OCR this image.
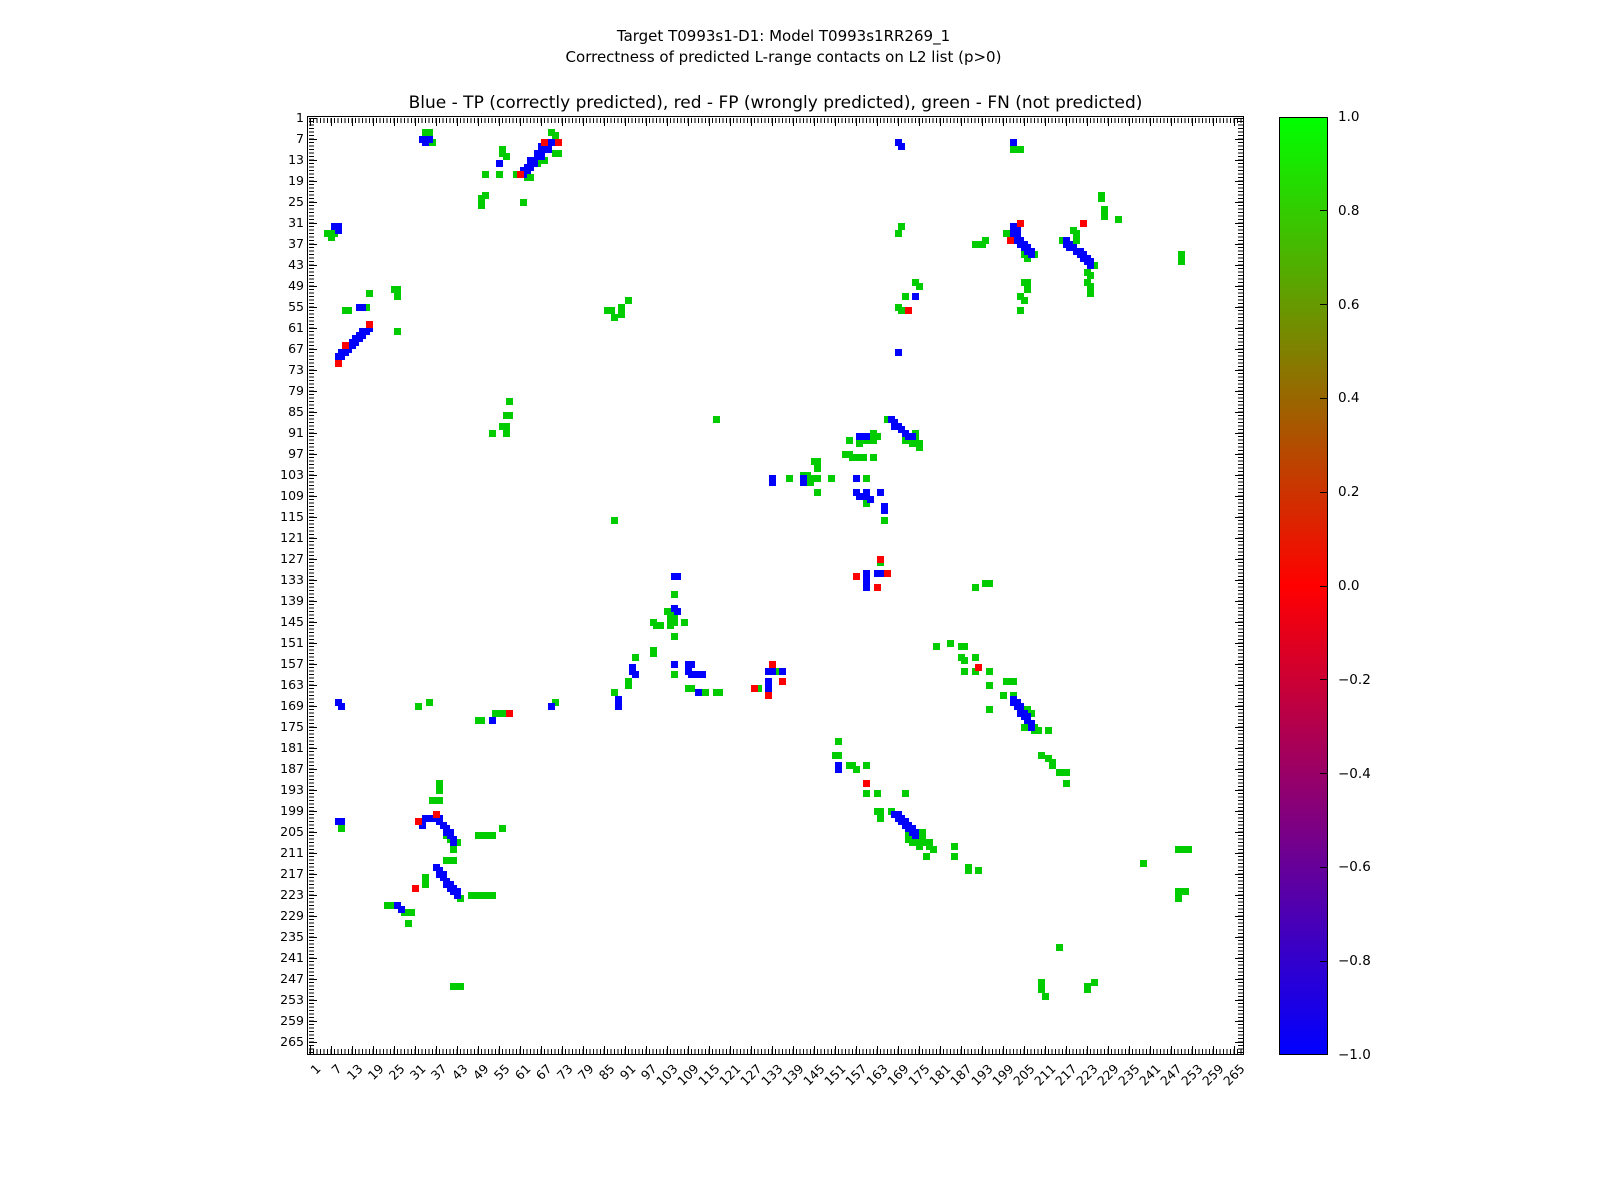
Target T0993s1-D1: Model T0993s1RR269_1
Correctness of predicted L-range contacts on L2 list (p>0)
Blue - TP (correctly predicted), red - FP (wrongly predicted), green - FN (not predicted)
1 7 13 19 25 31 37 43 49 55 61 67 73 79 85 91 97
103
109
115
121
127
133
139
145
151
157
163
169
175
181
187
193
199
205
211
217
223
229
235
241
247
253
259
265
1
7
13
19
25
31
37
43
49
55
61
67
73
79
85
91
97
103
109
115
121
127
133
139
145
151
157
163
169
175
181
187
193
199
205
211
217
223
229
235
241
247
253
259
265
1.0
0.8
0.6
0.4
0.2
0.0
−0.2
−0.4
−0.6
−0.8
−1.0
